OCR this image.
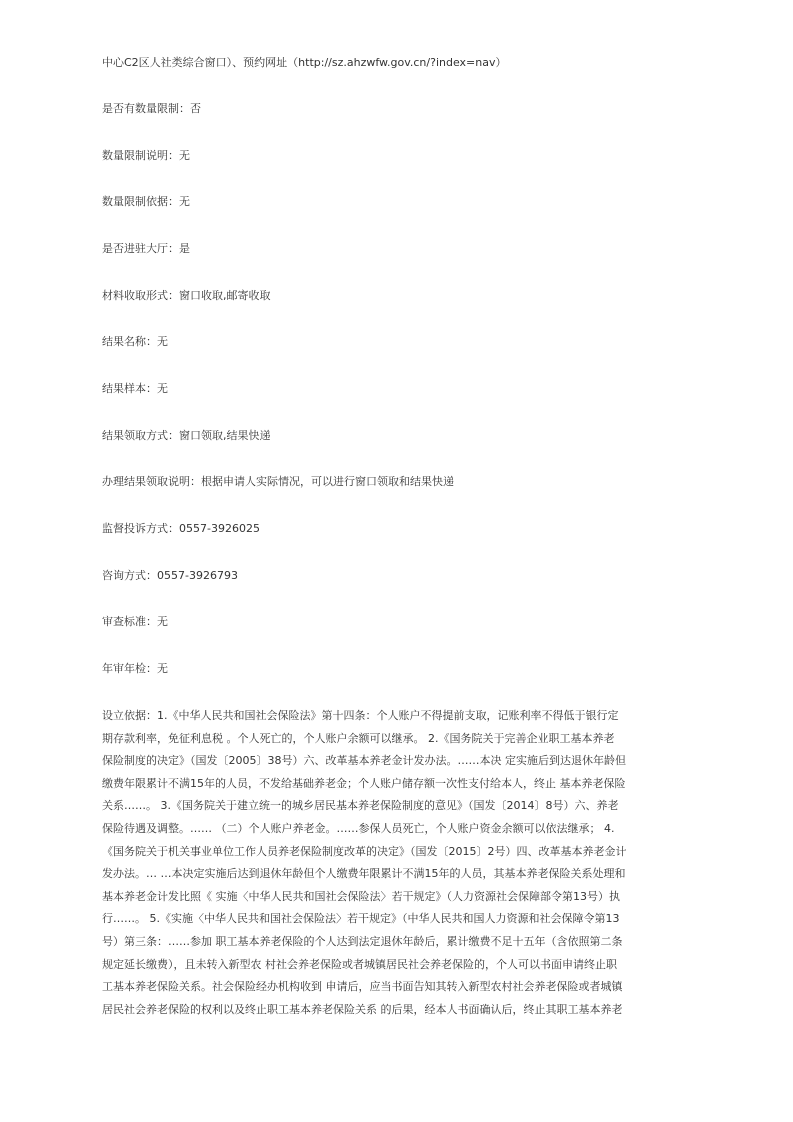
中心C2区人社类综合窗口）、预约网址（http://sz.ahzwfw.gov.cn/?index=nav）
是否有数量限制：否
数量限制说明：无
数量限制依据：无
是否进驻大厅：是
材料收取形式：窗口收取,邮寄收取
结果名称：无
结果样本：无
结果领取方式：窗口领取,结果快递
办理结果领取说明：根据申请人实际情况，可以进行窗口领取和结果快递
监督投诉方式：0557-3926025
咨询方式：0557-3926793
审查标准：无
年审年检：无
设立依据：1.《中华人民共和国社会保险法》第十四条：个人账户不得提前支取，记账利率不得低于银行定
期存款利率，免征利息税 。个人死亡的，个人账户余额可以继承。 2.《国务院关于完善企业职工基本养老
保险制度的决定》（国发〔2005〕38号）六、改革基本养老金计发办法。……本决 定实施后到达退休年龄但
缴费年限累计不满15年的人员，不发给基础养老金；个人账户储存额一次性支付给本人，终止 基本养老保险
关系……。 3.《国务院关于建立统一的城乡居民基本养老保险制度的意见》（国发〔2014〕8号）六、养老
保险待遇及调整。…… （二）个人账户养老金。……参保人员死亡，个人账户资金余额可以依法继承； 4.
《国务院关于机关事业单位工作人员养老保险制度改革的决定》（国发〔2015〕2号）四、改革基本养老金计
发办法。… …本决定实施后达到退休年龄但个人缴费年限累计不满15年的人员，其基本养老保险关系处理和
基本养老金计发比照《 实施〈中华人民共和国社会保险法〉若干规定》（人力资源社会保障部令第13号）执
行……。 5.《实施〈中华人民共和国社会保险法〉若干规定》（中华人民共和国人力资源和社会保障令第13
号）第三条：……参加 职工基本养老保险的个人达到法定退休年龄后，累计缴费不足十五年（含依照第二条
规定延长缴费），且未转入新型农 村社会养老保险或者城镇居民社会养老保险的，个人可以书面申请终止职
工基本养老保险关系。社会保险经办机构收到 申请后，应当书面告知其转入新型农村社会养老保险或者城镇
居民社会养老保险的权利以及终止职工基本养老保险关系 的后果，经本人书面确认后，终止其职工基本养老
